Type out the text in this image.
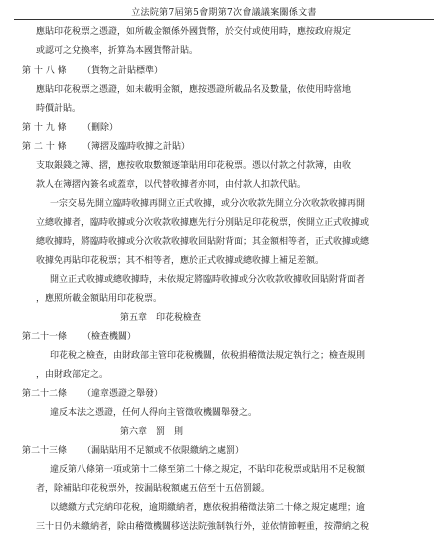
立法院第7屆第5會期第7次會議議案關係文書
應貼印花稅票之憑證，如所載金額係外國貨幣，於交付或使用時，應按政府規定
或認可之兌換率，折算為本國貨幣計貼。
第 十 八 條 （貨物之計貼標準）
應貼印花稅票之憑證，如未載明金額，應按憑證所載品名及數量，依使用時當地
時價計貼。
第 十 九 條 （刪除）
第 二 十 條 （簿摺及臨時收據之計貼）
支取銀錢之簿、摺，應按收取數額逐筆貼用印花稅票。憑以付款之付款簿，由收
款人在簿摺內簽名或蓋章，以代替收據者亦同，由付款人扣款代貼。
一宗交易先開立臨時收據再開立正式收據，或分次收款先開立分次收款收據再開
立總收據者，臨時收據或分次收款收據應先行分別貼足印花稅票，俟開立正式收據或
總收據時，將臨時收據或分次收款收據收回貼附背面；其金額相等者，正式收據或總
收據免再貼印花稅票；其不相等者，應於正式收據或總收據上補足差額。
開立正式收據或總收據時，未依規定將臨時收據或分次收款收據收回貼附背面者
，應照所載金額貼用印花稅票。
第五章　印花稅檢查
第二十一條 （檢查機關）
印花稅之檢查，由財政部主管印花稅機關，依稅捐稽徵法規定執行之；檢查規則
，由財政部定之。
第二十二條 （違章憑證之舉發）
違反本法之憑證，任何人得向主管徵收機關舉發之。
第六章　罰　則
第二十三條 （漏貼貼用不足額或不依限繳納之處罰）
違反第八條第一項或第十二條至第二十條之規定，不貼印花稅票或貼用不足稅額
者，除補貼印花稅票外，按漏貼稅額處五倍至十五倍罰鍰。
以總繳方式完納印花稅，逾期繳納者，應依稅捐稽徵法第二十條之規定處理；逾
三十日仍未繳納者，除由稽徵機關移送法院強制執行外，並依情節輕重，按滯納之稅
